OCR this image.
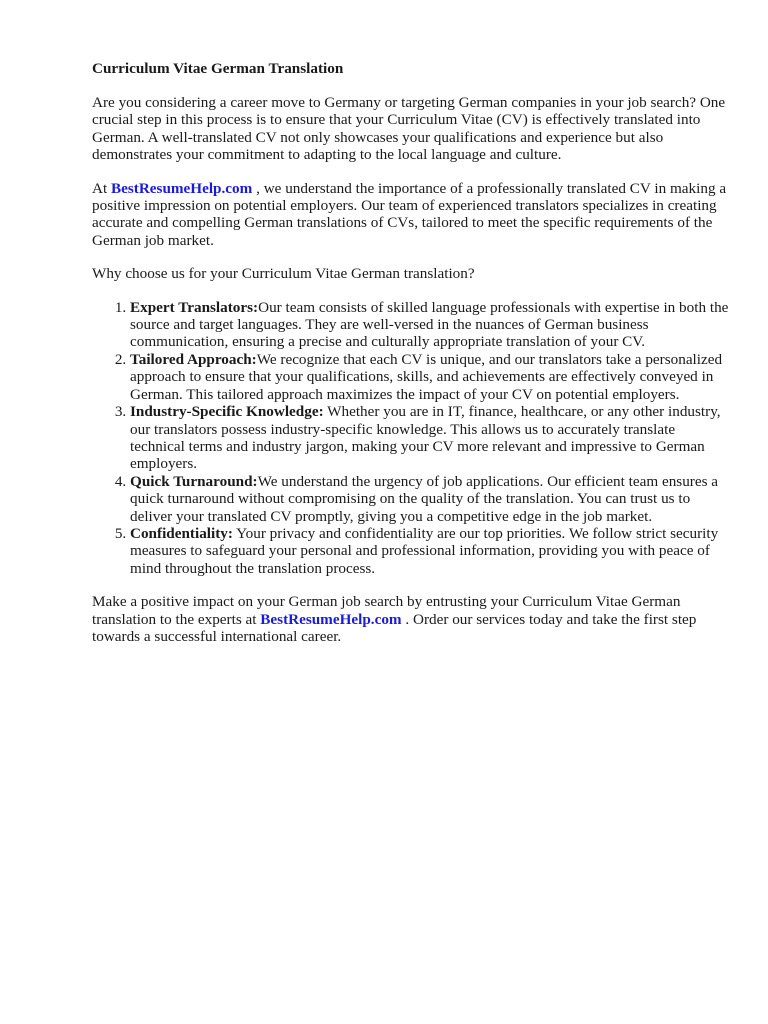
Curriculum Vitae German Translation

Are you considering a career move to Germany or targeting German companies in your job search? One crucial step in this process is to ensure that your Curriculum Vitae (CV) is effectively translated into German. A well-translated CV not only showcases your qualifications and experience but also demonstrates your commitment to adapting to the local language and culture.

At BestResumeHelp.com , we understand the importance of a professionally translated CV in making a positive impression on potential employers. Our team of experienced translators specializes in creating accurate and compelling German translations of CVs, tailored to meet the specific requirements of the German job market.

Why choose us for your Curriculum Vitae German translation?

1. Expert Translators:Our team consists of skilled language professionals with expertise in both the source and target languages. They are well-versed in the nuances of German business communication, ensuring a precise and culturally appropriate translation of your CV.
2. Tailored Approach:We recognize that each CV is unique, and our translators take a personalized approach to ensure that your qualifications, skills, and achievements are effectively conveyed in German. This tailored approach maximizes the impact of your CV on potential employers.
3. Industry-Specific Knowledge: Whether you are in IT, finance, healthcare, or any other industry, our translators possess industry-specific knowledge. This allows us to accurately translate technical terms and industry jargon, making your CV more relevant and impressive to German employers.
4. Quick Turnaround:We understand the urgency of job applications. Our efficient team ensures a quick turnaround without compromising on the quality of the translation. You can trust us to deliver your translated CV promptly, giving you a competitive edge in the job market.
5. Confidentiality: Your privacy and confidentiality are our top priorities. We follow strict security measures to safeguard your personal and professional information, providing you with peace of mind throughout the translation process.

Make a positive impact on your German job search by entrusting your Curriculum Vitae German translation to the experts at BestResumeHelp.com . Order our services today and take the first step towards a successful international career.
